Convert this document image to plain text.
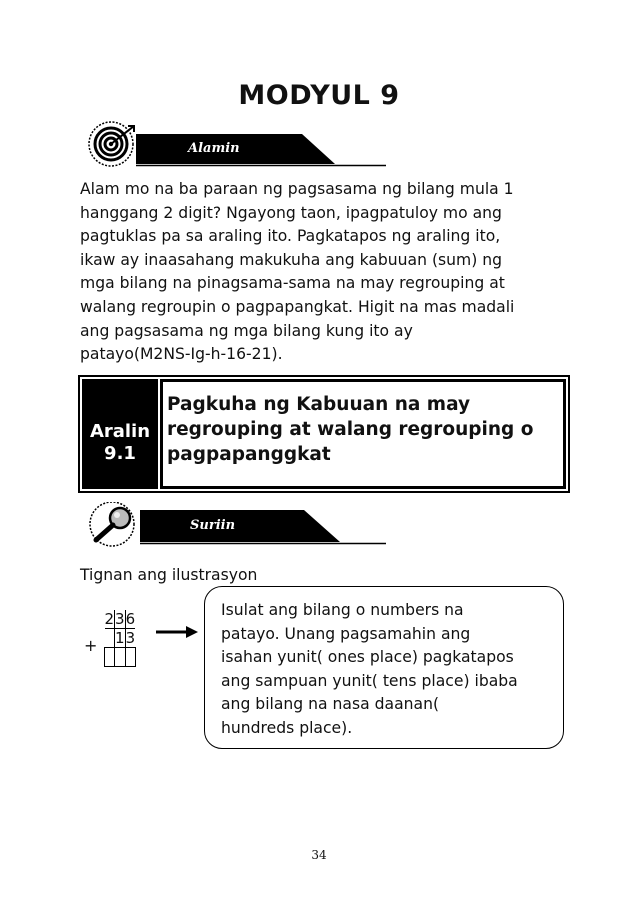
MODYUL 9
Alamin
Alam mo na ba paraan ng pagsasama ng bilang mula 1
hanggang 2 digit? Ngayong taon, ipagpatuloy mo ang
pagtuklas pa sa araling ito. Pagkatapos ng araling ito,
ikaw ay inaasahang makukuha ang kabuuan (sum) ng
mga bilang na pinagsama-sama na may regrouping at
walang regroupin o pagpapangkat. Higit na mas madali
ang pagsasama ng mga bilang kung ito ay
patayo(M2NS-Ig-h-16-21).
Aralin
9.1
Pagkuha ng Kabuuan na may
regrouping at walang regrouping o
pagpapanggkat
Suriin
Tignan ang ilustrasyon
+
2	3	6
	1	3

Isulat ang bilang o numbers na
patayo. Unang pagsamahin ang
isahan yunit( ones place) pagkatapos
ang sampuan yunit( tens place) ibaba
ang bilang na nasa daanan(
hundreds place).
34
